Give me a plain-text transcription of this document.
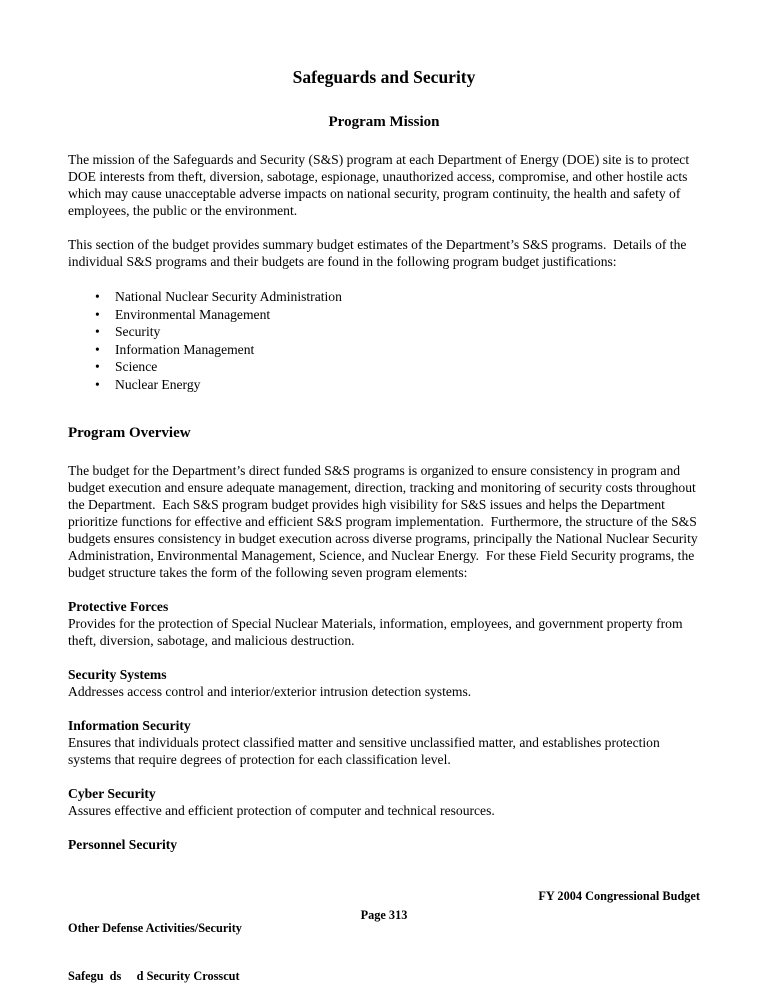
Safeguards and Security
Program Mission

The mission of the Safeguards and Security (S&S) program at each Department of Energy (DOE) site is to protect DOE interests from theft, diversion, sabotage, espionage, unauthorized access, compromise, and other hostile acts which may cause unacceptable adverse impacts on national security, program continuity, the health and safety of employees, the public or the environment.

This section of the budget provides summary budget estimates of the Department’s S&S programs.  Details of the individual S&S programs and their budgets are found in the following program budget justifications:

• National Nuclear Security Administration
• Environmental Management
• Security
• Information Management
• Science
• Nuclear Energy
Program Overview

The budget for the Department’s direct funded S&S programs is organized to ensure consistency in program and budget execution and ensure adequate management, direction, tracking and monitoring of security costs throughout the Department.  Each S&S program budget provides high visibility for S&S issues and helps the Department prioritize functions for effective and efficient S&S program implementation.  Furthermore, the structure of the S&S budgets ensures consistency in budget execution across diverse programs, principally the National Nuclear Security Administration, Environmental Management, Science, and Nuclear Energy.  For these Field Security programs, the budget structure takes the form of the following seven program elements:

Protective Forces
Provides for the protection of Special Nuclear Materials, information, employees, and government property from theft, diversion, sabotage, and malicious destruction.
Security Systems
Addresses access control and interior/exterior intrusion detection systems.
Information Security
Ensures that individuals protect classified matter and sensitive unclassified matter, and establishes protection systems that require degrees of protection for each classification level.
Cyber Security
Assures effective and efficient protection of computer and technical resources.
Personnel Security

Other Defense Activities/Security

Safegu  ds     d Security Crosscut

FY 2004 Congressional Budget
Page 313
